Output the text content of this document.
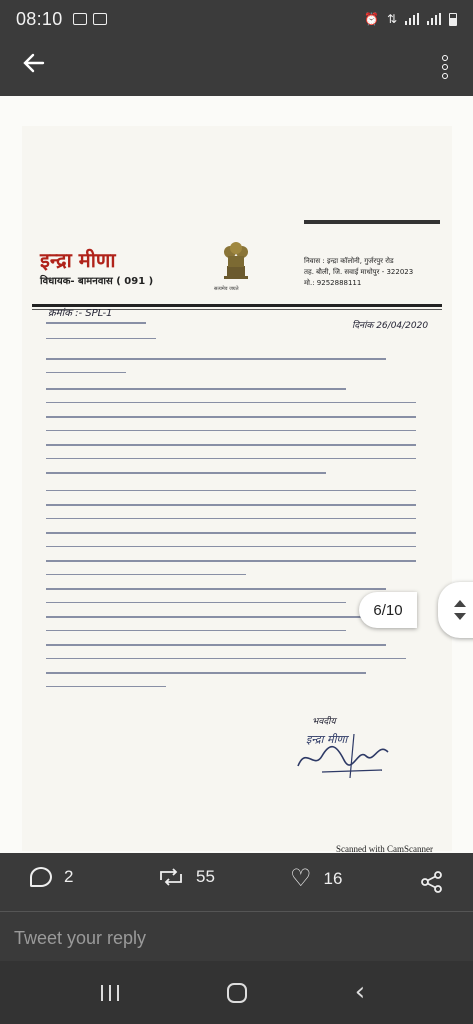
08:10	⏰ ⇅
इन्द्रा मीणा
विधायक- बामनवास ( 091 )
सत्यमेव जयते
निवास : इन्द्रा कॉलोनी, गुर्जरपुर रोड
तह. बौली, जि. सवाई माधोपुर - 322023
मो.: 9252888111
क्रमांक :- SPL-1
दिनांक 26/04/2020
भवदीय
इन्द्रा मीणा
Scanned with CamScanner
6/10
2	55	♡ 16
Tweet your reply
‹
